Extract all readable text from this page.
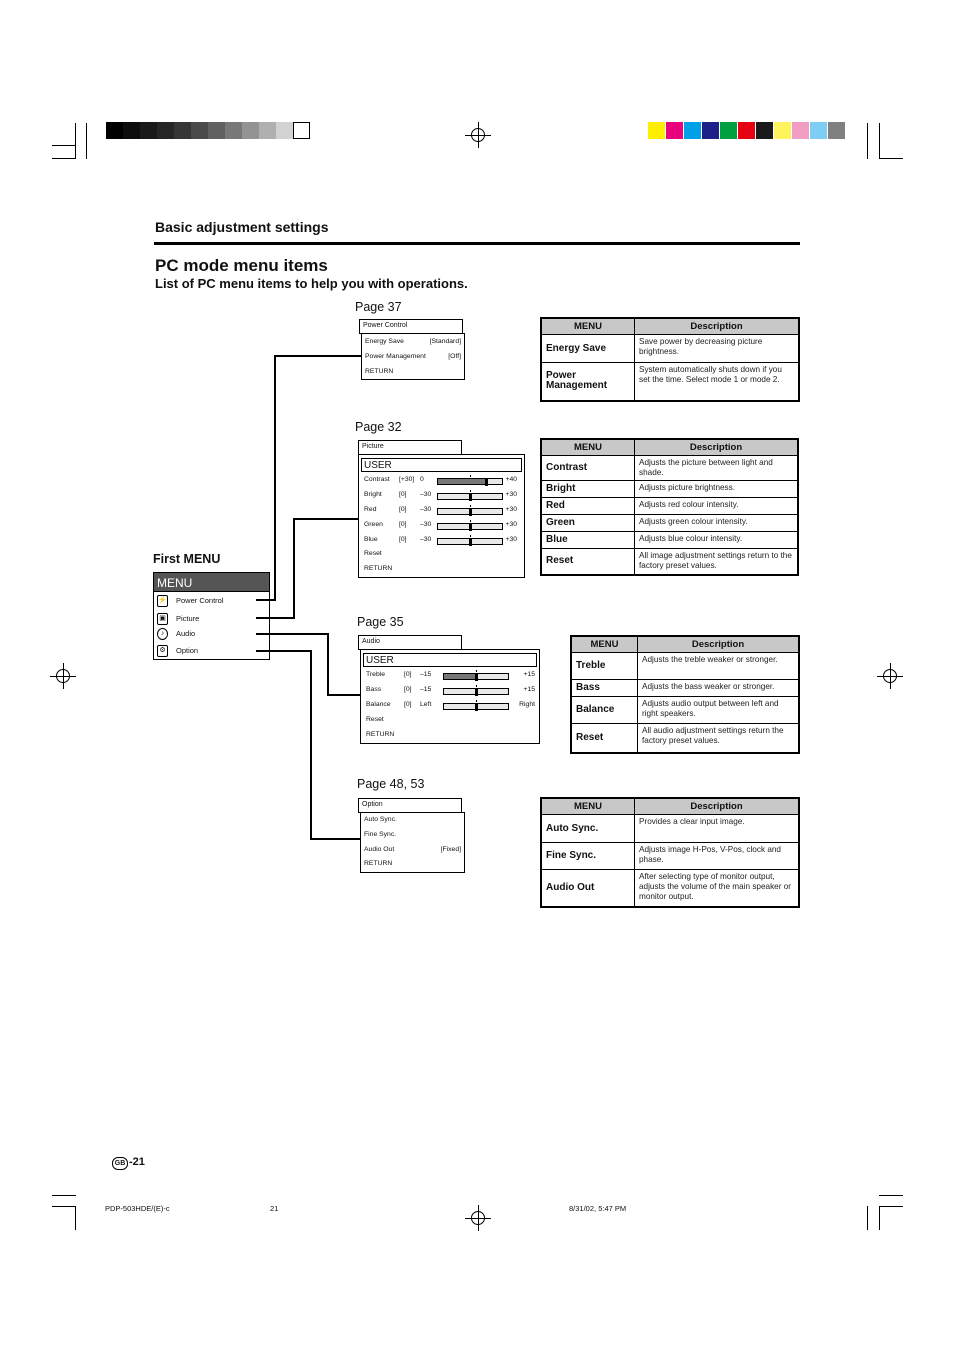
Basic adjustment settings
PC mode menu items
List of PC menu items to help you with operations.
First MENU
MENU
⚡ Power Control
▣ Picture
♪	Audio
⚙	Option
Page 37
Power Control
Energy Save	[Standard]
Power Management	[Off]
RETURN
Page 32
Picture
USER
Contrast [+30] 0	+40
Bright	[0] –30	+30
Red	[0] –30	+30
Green [0] –30	+30
Blue	[0] –30	+30
Reset
RETURN
Page 35
Audio
USER
Treble	[0] –15	+15
Bass	[0] –15	+15
Balance [0] Left	Right
Reset
RETURN
Page 48, 53
Option
Auto Sync.
Fine Sync.
Audio Out	[Fixed]
RETURN
MENU	Description
Energy Save	Save power by decreasing picture brightness.
Power Management	System automatically shuts down if you set the time. Select mode 1 or mode 2.
MENU	Description
Contrast	Adjusts the picture between light and shade.
Bright	Adjusts picture brightness.
Red	Adjusts red colour intensity.
Green	Adjusts green colour intensity.
Blue	Adjusts blue colour intensity.
Reset	All image adjustment settings return to the factory preset values.
MENU	Description
Treble	Adjusts the treble weaker or stronger.
Bass	Adjusts the bass weaker or stronger.
Balance	Adjusts audio output between left and right speakers.
Reset	All audio adjustment settings return the factory preset values.
MENU	Description
Auto Sync.	Provides a clear input image.
Fine Sync.	Adjusts image H-Pos, V-Pos, clock and phase.
Audio Out	After selecting type of monitor output, adjusts the volume of the main speaker or monitor output.
GB -21
PDP-503HDE/(E)-c	21	8/31/02, 5:47 PM
